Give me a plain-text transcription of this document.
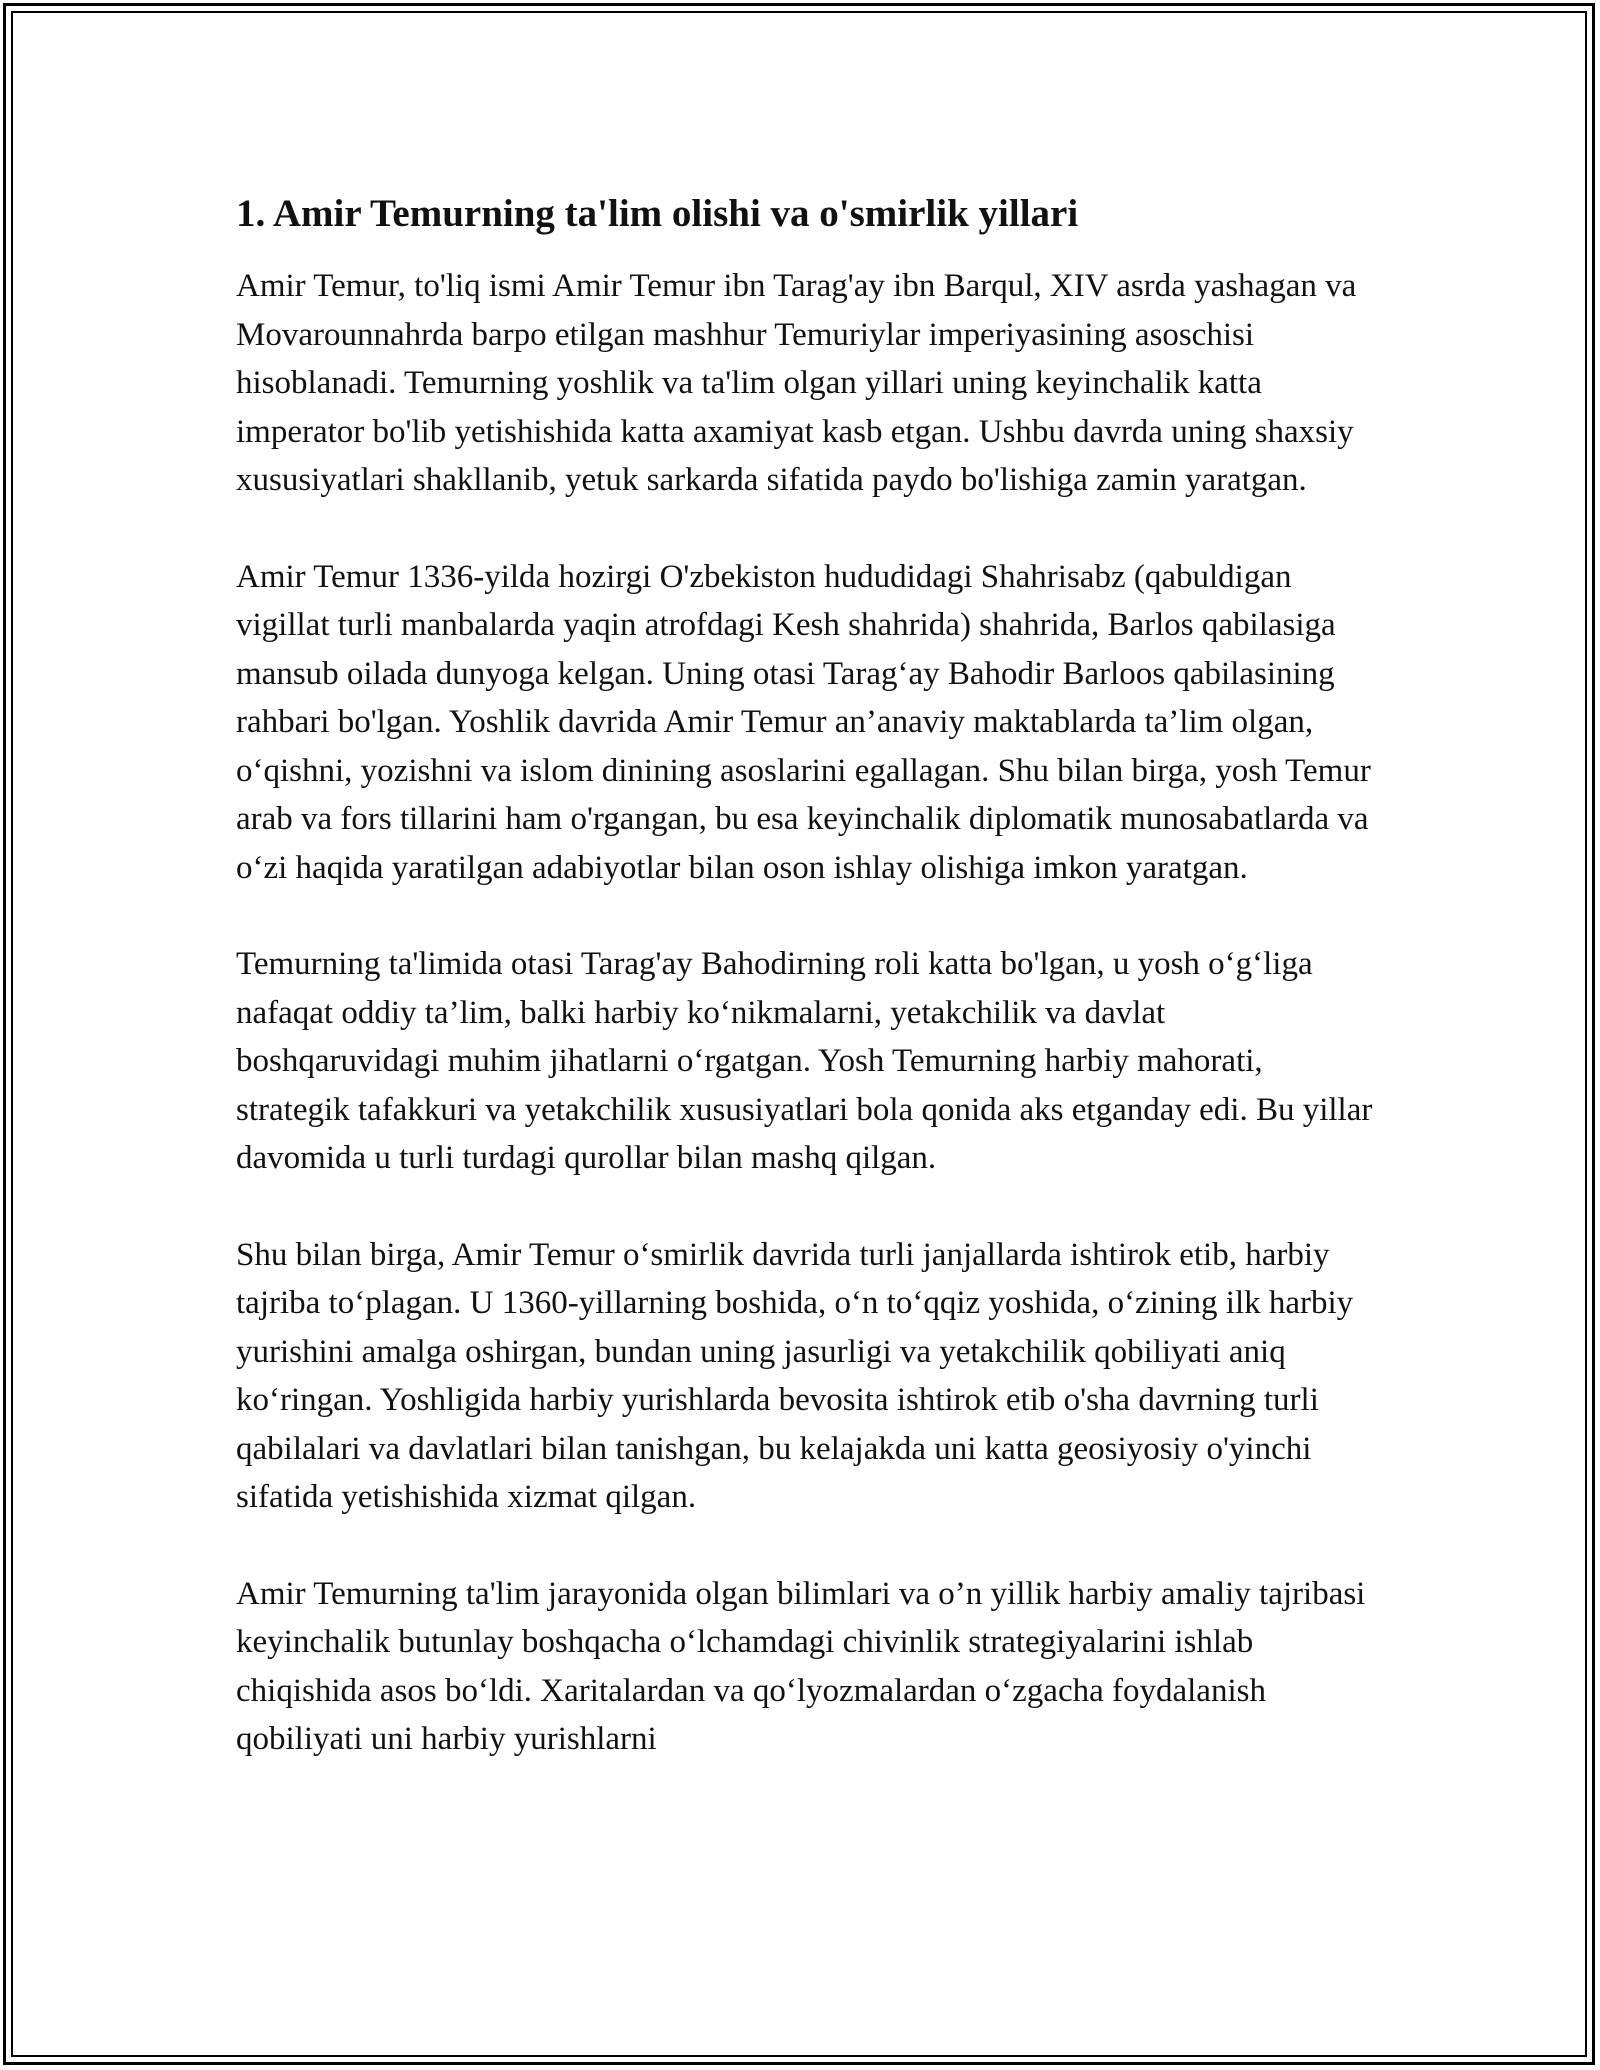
1. Amir Temurning ta'lim olishi va o'smirlik yillari

Amir Temur, to'liq ismi Amir Temur ibn Tarag'ay ibn Barqul, XIV asrda yashagan va Movarounnahrda barpo etilgan mashhur Temuriylar imperiyasining asoschisi hisoblanadi. Temurning yoshlik va ta'lim olgan yillari uning keyinchalik katta imperator bo'lib yetishishida katta axamiyat kasb etgan. Ushbu davrda uning shaxsiy xususiyatlari shakllanib, yetuk sarkarda sifatida paydo bo'lishiga zamin yaratgan.

Amir Temur 1336-yilda hozirgi O'zbekiston hududidagi Shahrisabz (qabuldigan vigillat turli manbalarda yaqin atrofdagi Kesh shahrida) shahrida, Barlos qabilasiga mansub oilada dunyoga kelgan. Uning otasi Tarag‘ay Bahodir Barloos qabilasining rahbari bo'lgan. Yoshlik davrida Amir Temur an’anaviy maktablarda ta’lim olgan, o‘qishni, yozishni va islom dinining asoslarini egallagan. Shu bilan birga, yosh Temur arab va fors tillarini ham o'rgangan, bu esa keyinchalik diplomatik munosabatlarda va o‘zi haqida yaratilgan adabiyotlar bilan oson ishlay olishiga imkon yaratgan.

Temurning ta'limida otasi Tarag'ay Bahodirning roli katta bo'lgan, u yosh o‘g‘liga nafaqat oddiy ta’lim, balki harbiy ko‘nikmalarni, yetakchilik va davlat boshqaruvidagi muhim jihatlarni o‘rgatgan. Yosh Temurning harbiy mahorati, strategik tafakkuri va yetakchilik xususiyatlari bola qonida aks etganday edi. Bu yillar davomida u turli turdagi qurollar bilan mashq qilgan.

Shu bilan birga, Amir Temur o‘smirlik davrida turli janjallarda ishtirok etib, harbiy tajriba to‘plagan. U 1360-yillarning boshida, o‘n to‘qqiz yoshida, o‘zining ilk harbiy yurishini amalga oshirgan, bundan uning jasurligi va yetakchilik qobiliyati aniq ko‘ringan. Yoshligida harbiy yurishlarda bevosita ishtirok etib o'sha davrning turli qabilalari va davlatlari bilan tanishgan, bu kelajakda uni katta geosiyosiy o'yinchi sifatida yetishishida xizmat qilgan.

Amir Temurning ta'lim jarayonida olgan bilimlari va o’n yillik harbiy amaliy tajribasi keyinchalik butunlay boshqacha o‘lchamdagi chivinlik strategiyalarini ishlab chiqishida asos bo‘ldi. Xaritalardan va qo‘lyozmalardan o‘zgacha foydalanish qobiliyati uni harbiy yurishlarni
